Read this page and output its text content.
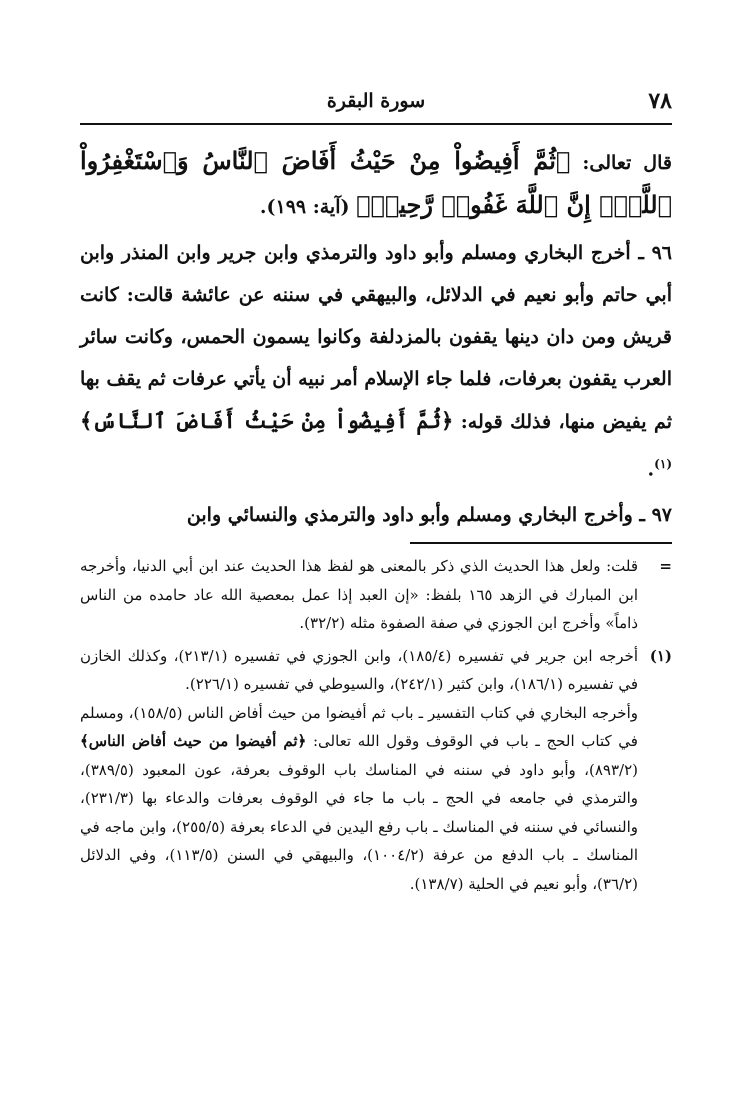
٧٨
سورة البقرة

قال تعالى: ﴿ثُمَّ أَفِيضُواْ مِنْ حَيْثُ أَفَاضَ ٱلنَّاسُ وَٱسْتَغْفِرُواْ ٱللَّهَۚ إِنَّ ٱللَّهَ غَفُورٞ رَّحِيمٞ﴾ (آية: ١٩٩).

٩٦ ـ أخرج البخاري ومسلم وأبو داود والترمذي وابن جرير وابن المنذر وابن أبي حاتم وأبو نعيم في الدلائل، والبيهقي في سننه عن عائشة قالت: كانت قريش ومن دان دينها يقفون بالمزدلفة وكانوا يسمون الحمس، وكانت سائر العرب يقفون بعرفات، فلما جاء الإسلام أمر نبيه أن يأتي عرفات ثم يقف بها ثم يفيض منها، فذلك قوله: ﴿ثُمَّ أَفِيضُواْ مِنْ حَيْثُ أَفَاضَ ٱلنَّاسُ﴾$^{(١)}$.

٩٧ ـ وأخرج البخاري ومسلم وأبو داود والترمذي والنسائي وابن

=

قلت: ولعل هذا الحديث الذي ذكر بالمعنى هو لفظ هذا الحديث عند ابن أبي الدنيا، وأخرجه ابن المبارك في الزهد ١٦٥ بلفظ: «إن العبد إذا عمل بمعصية الله عاد حامده من الناس ذاماً» وأخرج ابن الجوزي في صفة الصفوة مثله (٣٢/٢).

(١)

أخرجه ابن جرير في تفسيره (١٨٥/٤)، وابن الجوزي في تفسيره (٢١٣/١)، وكذلك الخازن في تفسيره (١٨٦/١)، وابن كثير (٢٤٢/١)، والسيوطي في تفسيره (٢٢٦/١).

وأخرجه البخاري في كتاب التفسير ـ باب ثم أفيضوا من حيث أفاض الناس (١٥٨/٥)، ومسلم في كتاب الحج ـ باب في الوقوف وقول الله تعالى: ﴿ثم أفيضوا من حيث أفاض الناس﴾ (٨٩٣/٢)، وأبو داود في سننه في المناسك باب الوقوف بعرفة، عون المعبود (٣٨٩/٥)، والترمذي في جامعه في الحج ـ باب ما جاء في الوقوف بعرفات والدعاء بها (٢٣١/٣)، والنسائي في سننه في المناسك ـ باب رفع اليدين في الدعاء بعرفة (٢٥٥/٥)، وابن ماجه في المناسك ـ باب الدفع من عرفة (١٠٠٤/٢)، والبيهقي في السنن (١١٣/٥)، وفي الدلائل (٣٦/٢)، وأبو نعيم في الحلية (١٣٨/٧).
